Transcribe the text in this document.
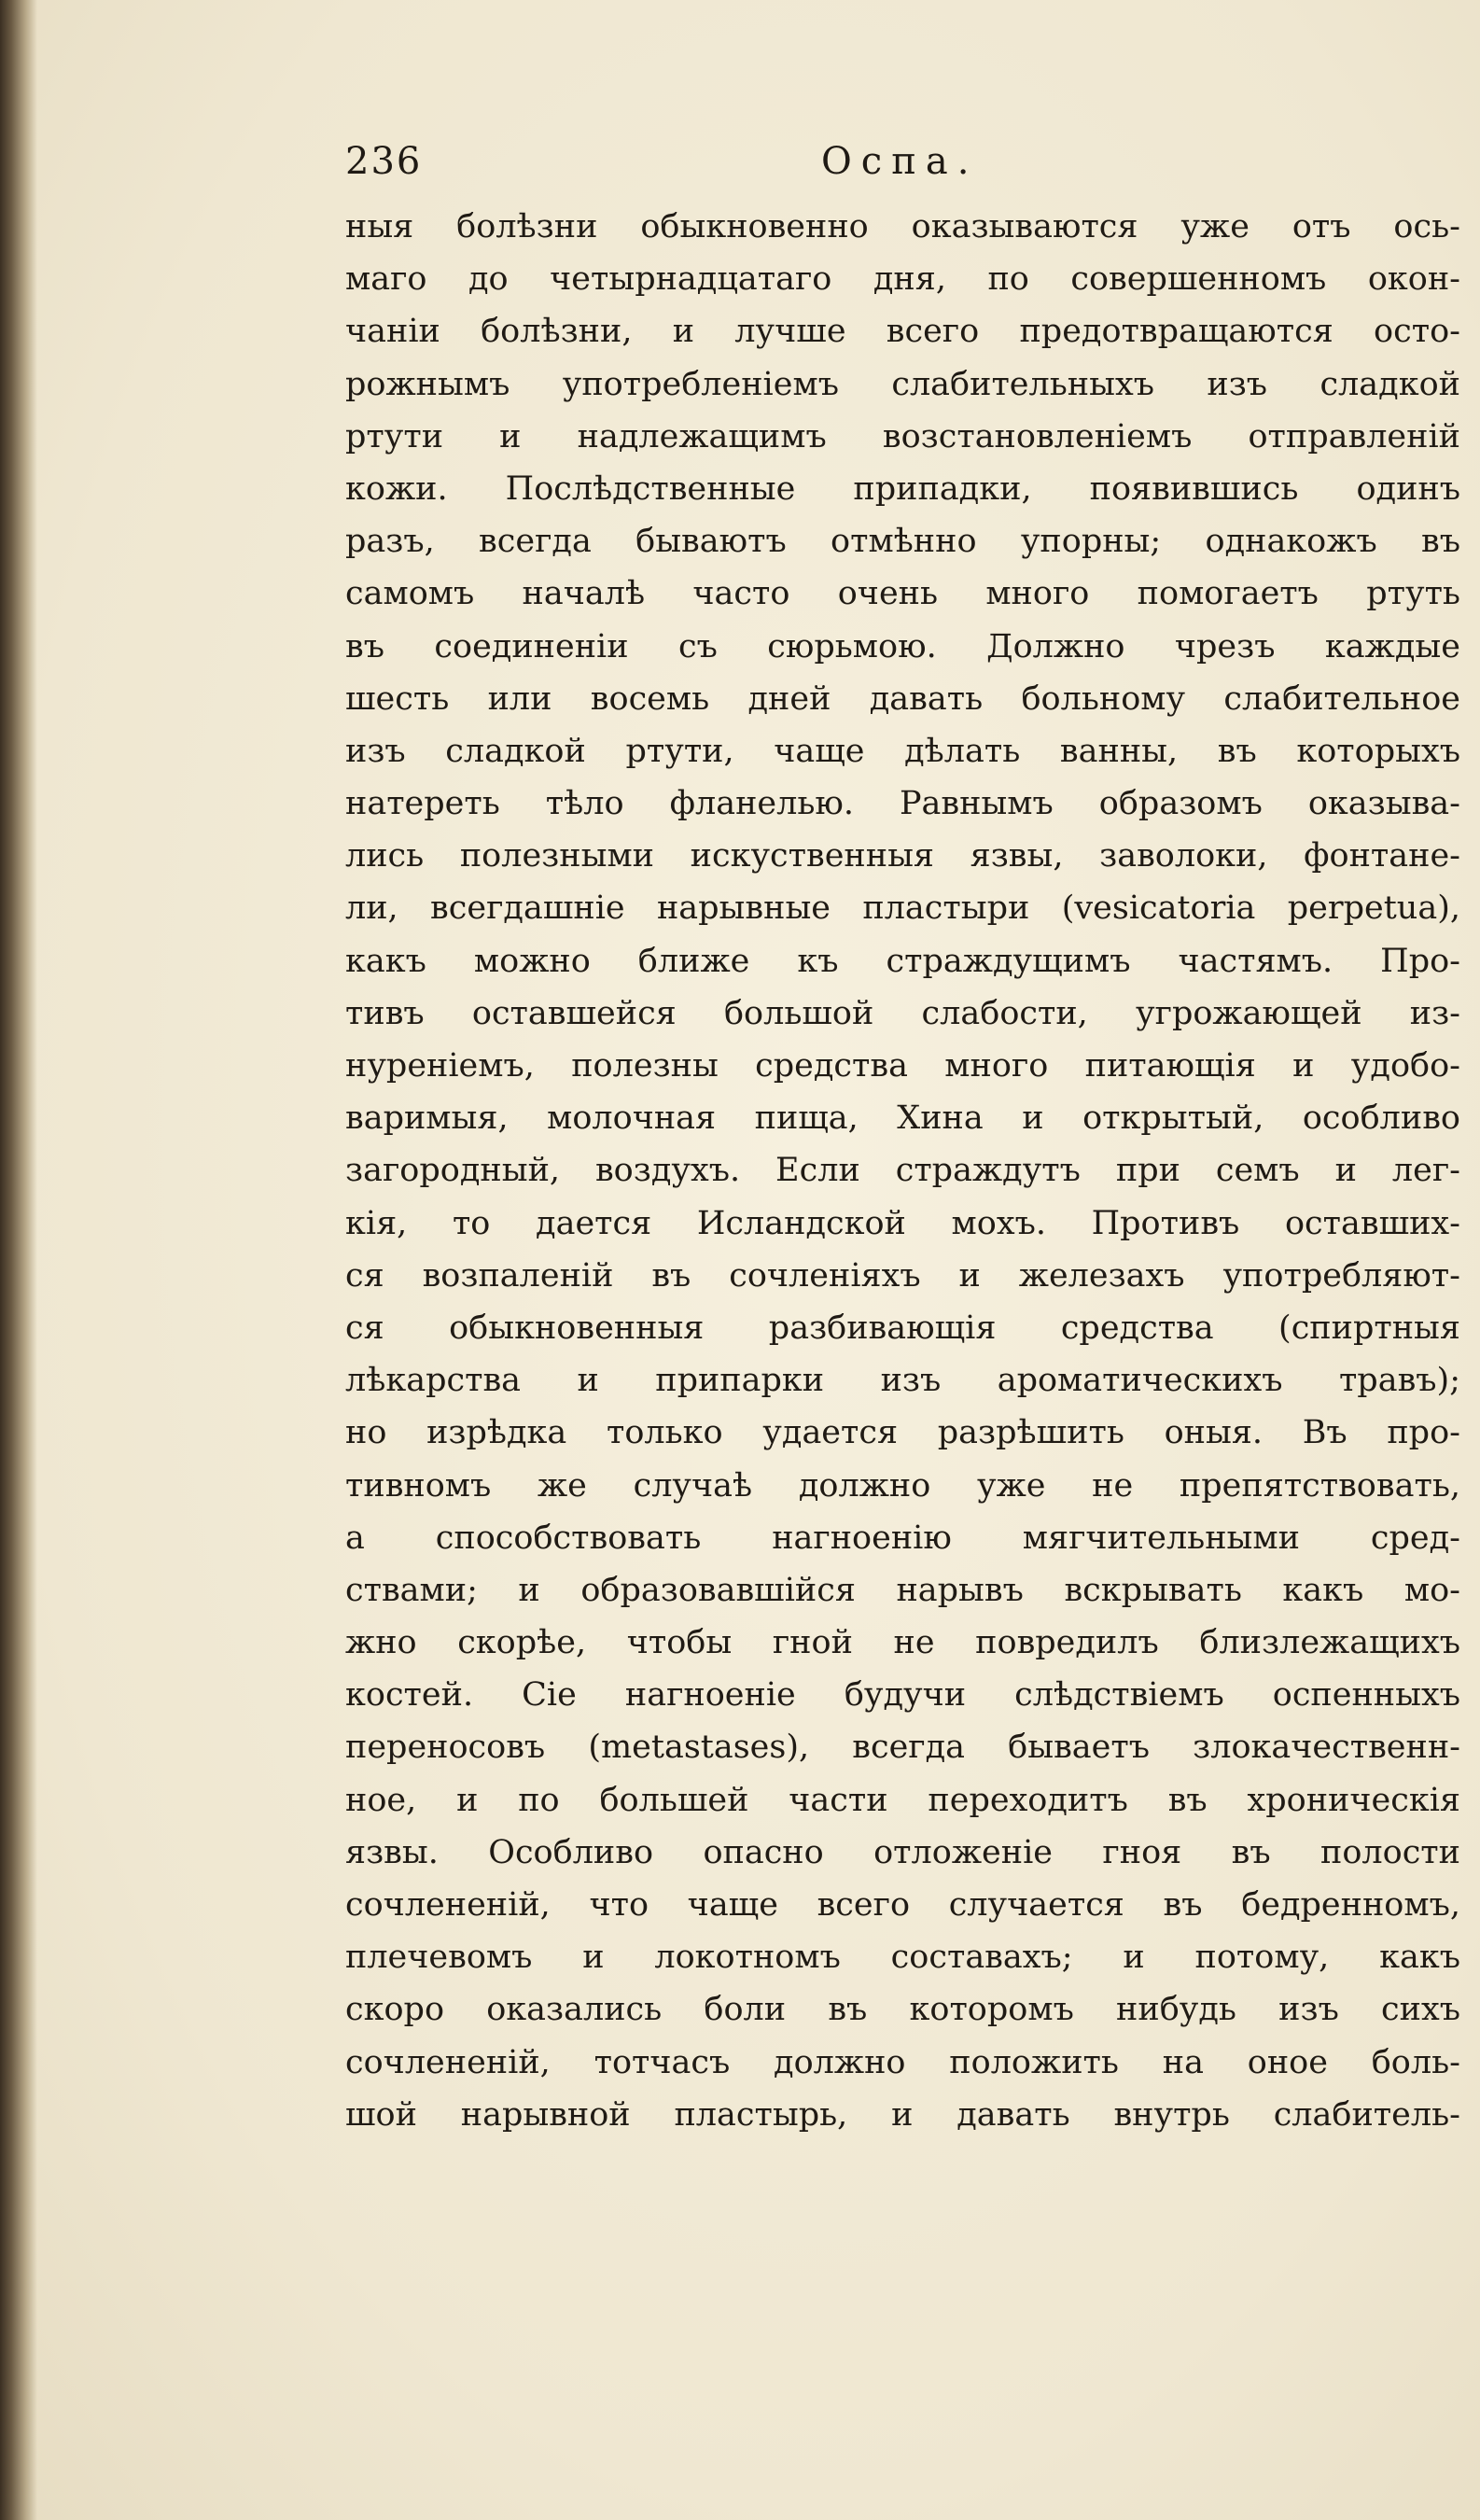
236	Оспа.
ныя болѣзни обыкновенно оказываются уже отъ ось-
маго до четырнадцатаго дня, по совершенномъ окон-
чаніи болѣзни, и лучше всего предотвращаются осто-
рожнымъ употребленіемъ слабительныхъ изъ сладкой
ртути и надлежащимъ возстановленіемъ отправленій
кожи. Послѣдственные припадки, появившись одинъ
разъ, всегда бываютъ отмѣнно упорны; однакожъ въ
самомъ началѣ часто очень много помогаетъ ртуть
въ соединеніи съ сюрьмою. Должно чрезъ каждые
шесть или восемь дней давать больному слабительное
изъ сладкой ртути, чаще дѣлать ванны, въ которыхъ
натереть тѣло фланелью. Равнымъ образомъ оказыва-
лись полезными искуственныя язвы, заволоки, фонтане-
ли, всегдашніе нарывные пластыри (vesicatoria perpetua),
какъ можно ближе къ страждущимъ частямъ. Про-
тивъ оставшейся большой слабости, угрожающей из-
нуреніемъ, полезны средства много питающія и удобо-
варимыя, молочная пища, Хина и открытый, особливо
загородный, воздухъ. Если страждутъ при семъ и лег-
кія, то дается Исландской мохъ. Противъ оставших-
ся возпаленій въ сочленіяхъ и железахъ употребляют-
ся обыкновенныя разбивающія средства (спиртныя
лѣкарства и припарки изъ ароматическихъ травъ);
но изрѣдка только удается разрѣшить оныя. Въ про-
тивномъ же случаѣ должно уже не препятствовать,
а способствовать нагноенію мягчительными сред-
ствами; и образовавшійся нарывъ вскрывать какъ мо-
жно скорѣе, чтобы гной не повредилъ близлежащихъ
костей. Сіе нагноеніе будучи слѣдствіемъ оспенныхъ
переносовъ (metastases), всегда бываетъ злокачественн-
ное, и по большей части переходитъ въ хроническія
язвы. Особливо опасно отложеніе гноя въ полости
сочлененій, что чаще всего случается въ бедренномъ,
плечевомъ и локотномъ составахъ; и потому, какъ
скоро оказались боли въ которомъ нибудь изъ сихъ
сочлененій, тотчасъ должно положить на оное боль-
шой нарывной пластырь, и давать внутрь слабитель-
